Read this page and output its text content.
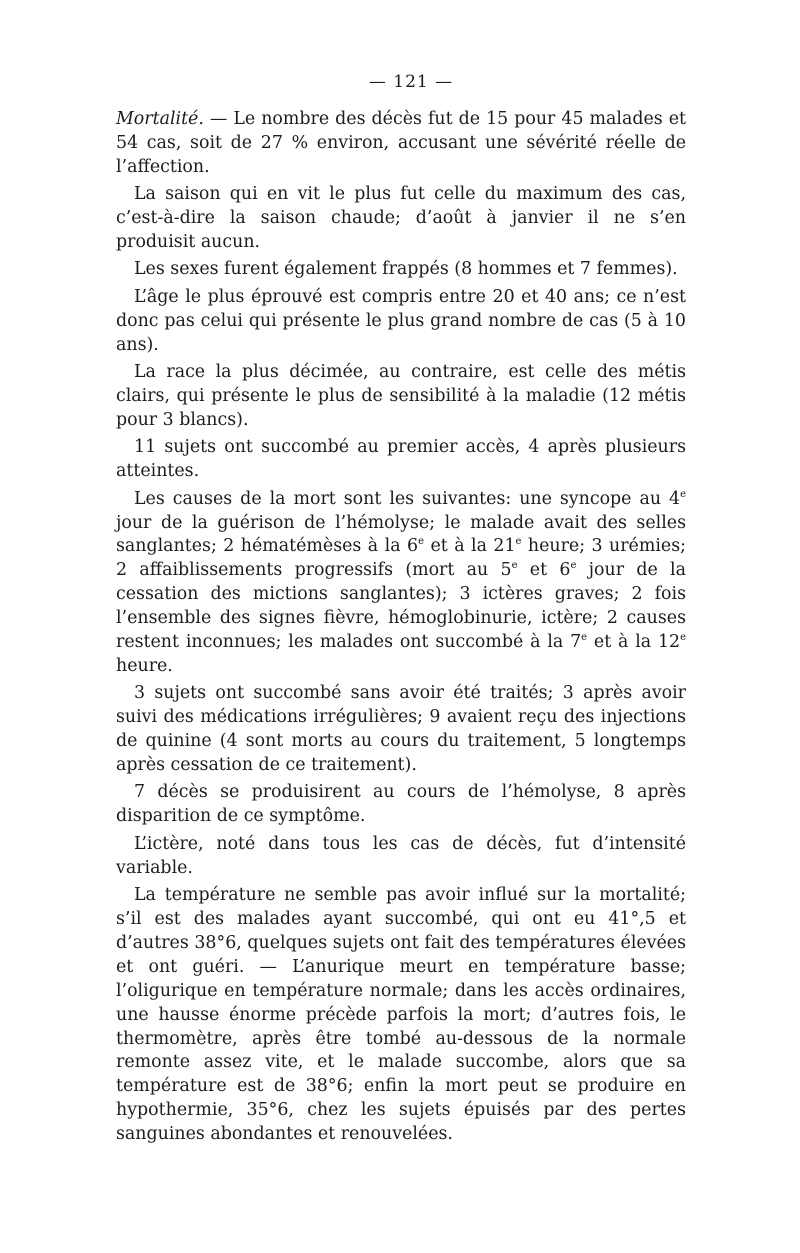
— 121 —

Mortalité. — Le nombre des décès fut de 15 pour 45 malades et 54 cas, soit de 27 % environ, accusant une sévérité réelle de l’affection.

La saison qui en vit le plus fut celle du maximum des cas, c’est-à-dire la saison chaude; d’août à janvier il ne s’en produisit aucun.

Les sexes furent également frappés (8 hommes et 7 femmes).

L’âge le plus éprouvé est compris entre 20 et 40 ans; ce n’est donc pas celui qui présente le plus grand nombre de cas (5 à 10 ans).

La race la plus décimée, au contraire, est celle des métis clairs, qui présente le plus de sensibilité à la maladie (12 métis pour 3 blancs).

11 sujets ont succombé au premier accès, 4 après plusieurs atteintes.

Les causes de la mort sont les suivantes: une syncope au 4e jour de la guérison de l’hémolyse; le malade avait des selles sanglantes; 2 hématémèses à la 6e et à la 21e heure; 3 urémies; 2 affaiblissements progressifs (mort au 5e et 6e jour de la cessation des mictions sanglantes); 3 ictères graves; 2 fois l’ensemble des signes fièvre, hémoglobinurie, ictère; 2 causes restent inconnues; les malades ont succombé à la 7e et à la 12e heure.

3 sujets ont succombé sans avoir été traités; 3 après avoir suivi des médications irrégulières; 9 avaient reçu des injections de quinine (4 sont morts au cours du traitement, 5 longtemps après cessation de ce traitement).

7 décès se produisirent au cours de l’hémolyse, 8 après disparition de ce symptôme.

L’ictère, noté dans tous les cas de décès, fut d’intensité variable.

La température ne semble pas avoir influé sur la mortalité; s’il est des malades ayant succombé, qui ont eu 41°,5 et d’autres 38°6, quelques sujets ont fait des températures élevées et ont guéri. — L’anurique meurt en température basse; l’oligurique en température normale; dans les accès ordinaires, une hausse énorme précède parfois la mort; d’autres fois, le thermomètre, après être tombé au-dessous de la normale remonte assez vite, et le malade succombe, alors que sa température est de 38°6; enfin la mort peut se produire en hypothermie, 35°6, chez les sujets épuisés par des pertes sanguines abondantes et renouvelées.
